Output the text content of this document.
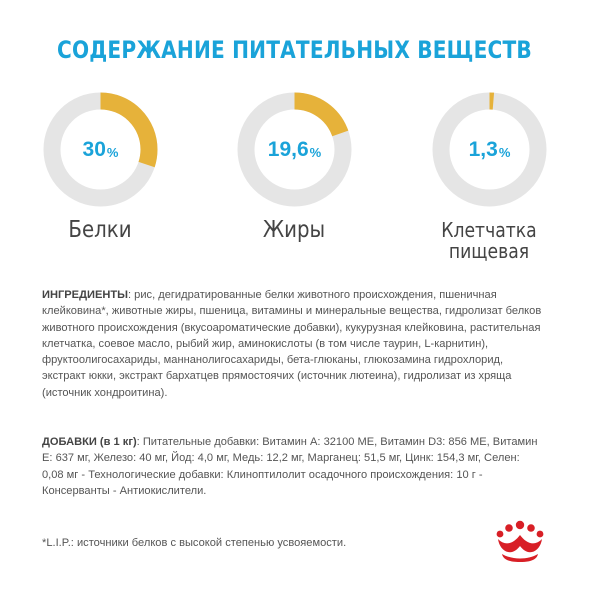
СОДЕРЖАНИЕ ПИТАТЕЛЬНЫХ ВЕЩЕСТВ
30 %	19,6 %	1,3 %
Белки	Жиры	Клетчатка
пищевая
ИНГРЕДИЕНТЫ: рис, дегидратированные белки животного происхождения, пшеничная клейковина*, животные жиры, пшеница, витамины и минеральные вещества, гидролизат белков животного происхождения (вкусоароматические добавки), кукурузная клейковина, растительная клетчатка, соевое масло, рыбий жир, аминокислоты (в том числе таурин, L-карнитин), фруктоолигосахариды, маннанолигосахариды, бета-глюканы, глюкозамина гидрохлорид, экстракт юкки, экстракт бархатцев прямостоячих (источник лютеина), гидролизат из хряща (источник хондроитина).
ДОБАВКИ (в 1 кг): Питательные добавки: Витамин A: 32100 МЕ, Витамин D3: 856 МЕ, Витамин E: 637 мг, Железо: 40 мг, Йод: 4,0 мг, Медь: 12,2 мг, Марганец: 51,5 мг, Цинк: 154,3 мг, Селен: 0,08 мг - Технологические добавки: Клиноптилолит осадочного происхождения: 10 г - Консерванты - Антиокислители.
*L.I.P.: источники белков с высокой степенью усвояемости.
